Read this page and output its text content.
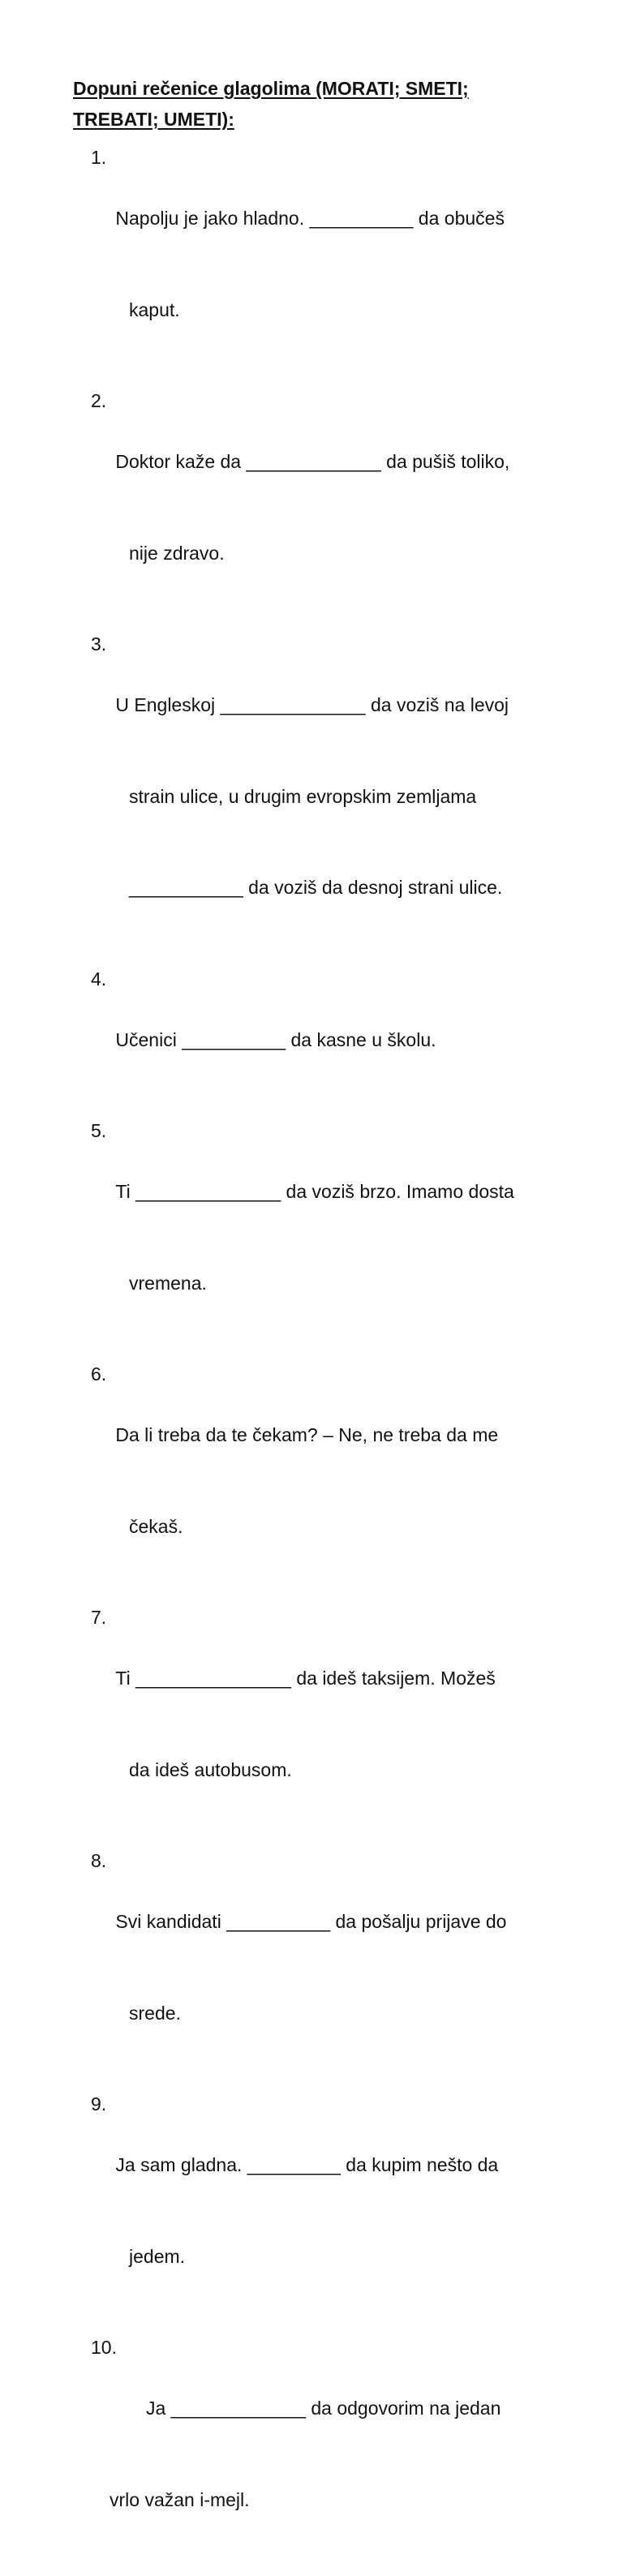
Dopuni rečenice glagolima (MORATI; SMETI;
TREBATI; UMETI):
1.

Napolju je jako hladno. __________ da obučeš

kaput.

2.

Doktor kaže da _____________ da pušiš toliko,

nije zdravo.

3.

U Engleskoj ______________ da voziš na levoj

strain ulice, u drugim evropskim zemljama

___________ da voziš da desnoj strani ulice.

4.

Učenici __________ da kasne u školu.

5.

Ti ______________ da voziš brzo. Imamo dosta

vremena.

6.

Da li treba da te čekam? – Ne, ne treba da me

čekaš.

7.

Ti _______________ da ideš taksijem. Možeš

da ideš autobusom.

8.

Svi kandidati __________ da pošalju prijave do

srede.

9.

Ja sam gladna. _________ da kupim nešto da

jedem.

10.

Ja _____________ da odgovorim na jedan

vrlo važan i-mejl.
